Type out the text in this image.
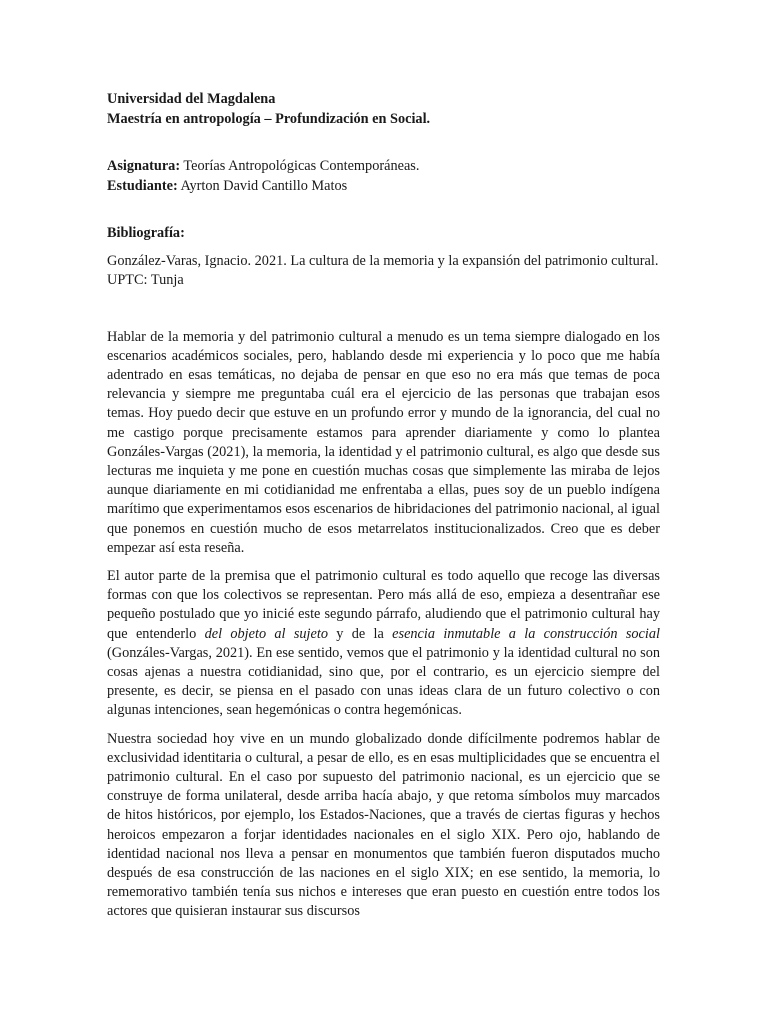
Universidad del Magdalena
Maestría en antropología – Profundización en Social.
Asignatura: Teorías Antropológicas Contemporáneas.
Estudiante: Ayrton David Cantillo Matos
Bibliografía:
González-Varas, Ignacio. 2021. La cultura de la memoria y la expansión del patrimonio cultural. UPTC: Tunja

Hablar de la memoria y del patrimonio cultural a menudo es un tema siempre dialogado en los escenarios académicos sociales, pero, hablando desde mi experiencia y lo poco que me había adentrado en esas temáticas, no dejaba de pensar en que eso no era más que temas de poca relevancia y siempre me preguntaba cuál era el ejercicio de las personas que trabajan esos temas. Hoy puedo decir que estuve en un profundo error y mundo de la ignorancia, del cual no me castigo porque precisamente estamos para aprender diariamente y como lo plantea Gonzáles-Vargas (2021), la memoria, la identidad y el patrimonio cultural, es algo que desde sus lecturas me inquieta y me pone en cuestión muchas cosas que simplemente las miraba de lejos aunque diariamente en mi cotidianidad me enfrentaba a ellas, pues soy de un pueblo indígena marítimo que experimentamos esos escenarios de hibridaciones del patrimonio nacional, al igual que ponemos en cuestión mucho de esos metarrelatos institucionalizados. Creo que es deber empezar así esta reseña.

El autor parte de la premisa que el patrimonio cultural es todo aquello que recoge las diversas formas con que los colectivos se representan. Pero más allá de eso, empieza a desentrañar ese pequeño postulado que yo inicié este segundo párrafo, aludiendo que el patrimonio cultural hay que entenderlo del objeto al sujeto y de la esencia inmutable a la construcción social (Gonzáles-Vargas, 2021). En ese sentido, vemos que el patrimonio y la identidad cultural no son cosas ajenas a nuestra cotidianidad, sino que, por el contrario, es un ejercicio siempre del presente, es decir, se piensa en el pasado con unas ideas clara de un futuro colectivo o con algunas intenciones, sean hegemónicas o contra hegemónicas.

Nuestra sociedad hoy vive en un mundo globalizado donde difícilmente podremos hablar de exclusividad identitaria o cultural, a pesar de ello, es en esas multiplicidades que se encuentra el patrimonio cultural. En el caso por supuesto del patrimonio nacional, es un ejercicio que se construye de forma unilateral, desde arriba hacía abajo, y que retoma símbolos muy marcados de hitos históricos, por ejemplo, los Estados-Naciones, que a través de ciertas figuras y hechos heroicos empezaron a forjar identidades nacionales en el siglo XIX. Pero ojo, hablando de identidad nacional nos lleva a pensar en monumentos que también fueron disputados mucho después de esa construcción de las naciones en el siglo XIX; en ese sentido, la memoria, lo rememorativo también tenía sus nichos e intereses que eran puesto en cuestión entre todos los actores que quisieran instaurar sus discursos
